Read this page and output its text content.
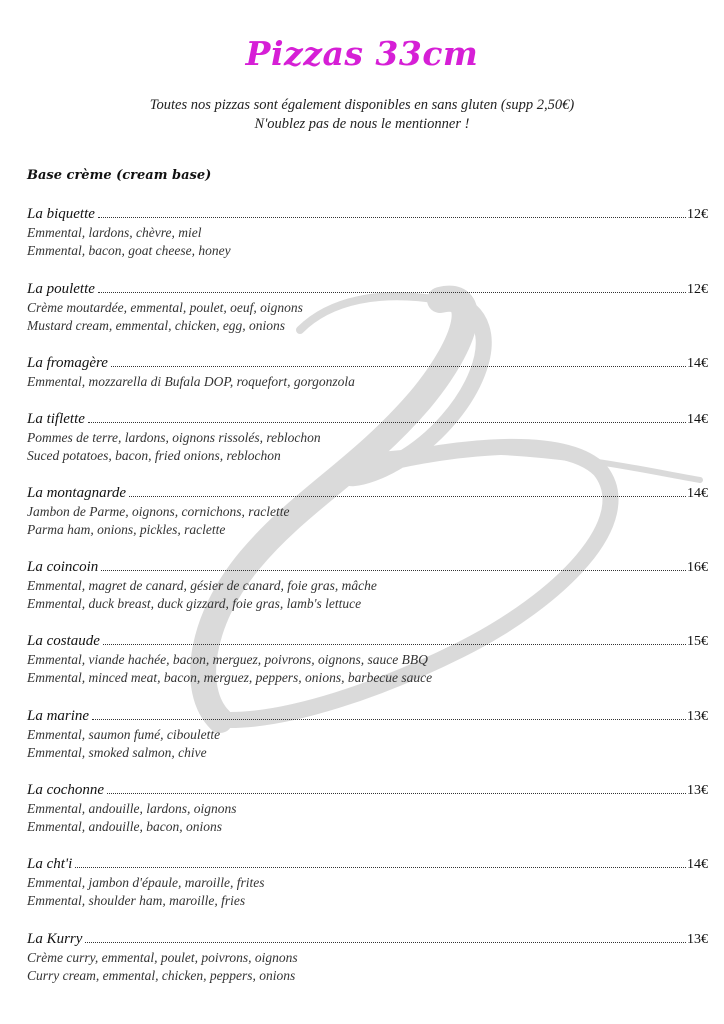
Pizzas 33cm
Toutes nos pizzas sont également disponibles en sans gluten (supp 2,50€)
N'oublez pas de nous le mentionner !
Base crème (cream base)
La biquette	12€
Emmental, lardons, chèvre, miel
Emmental, bacon, goat cheese, honey
La poulette	12€
Crème moutardée, emmental, poulet, oeuf, oignons
Mustard cream, emmental, chicken, egg, onions
La fromagère	14€
Emmental, mozzarella di Bufala DOP, roquefort, gorgonzola
La tiflette	14€
Pommes de terre, lardons, oignons rissolés, reblochon
Suced potatoes, bacon, fried onions, reblochon
La montagnarde	14€
Jambon de Parme, oignons, cornichons, raclette
Parma ham, onions, pickles, raclette
La coincoin	16€
Emmental, magret de canard, gésier de canard, foie gras, mâche
Emmental, duck breast, duck gizzard, foie gras, lamb's lettuce
La costaude	15€
Emmental, viande hachée, bacon, merguez, poivrons, oignons, sauce BBQ
Emmental, minced meat, bacon, merguez, peppers, onions, barbecue sauce
La marine	13€
Emmental, saumon fumé, ciboulette
Emmental, smoked salmon, chive
La cochonne	13€
Emmental, andouille, lardons, oignons
Emmental, andouille, bacon, onions
La cht'i	14€
Emmental, jambon d'épaule, maroille, frites
Emmental, shoulder ham, maroille, fries
La Kurry	13€
Crème curry, emmental, poulet, poivrons, oignons
Curry cream, emmental, chicken, peppers, onions
